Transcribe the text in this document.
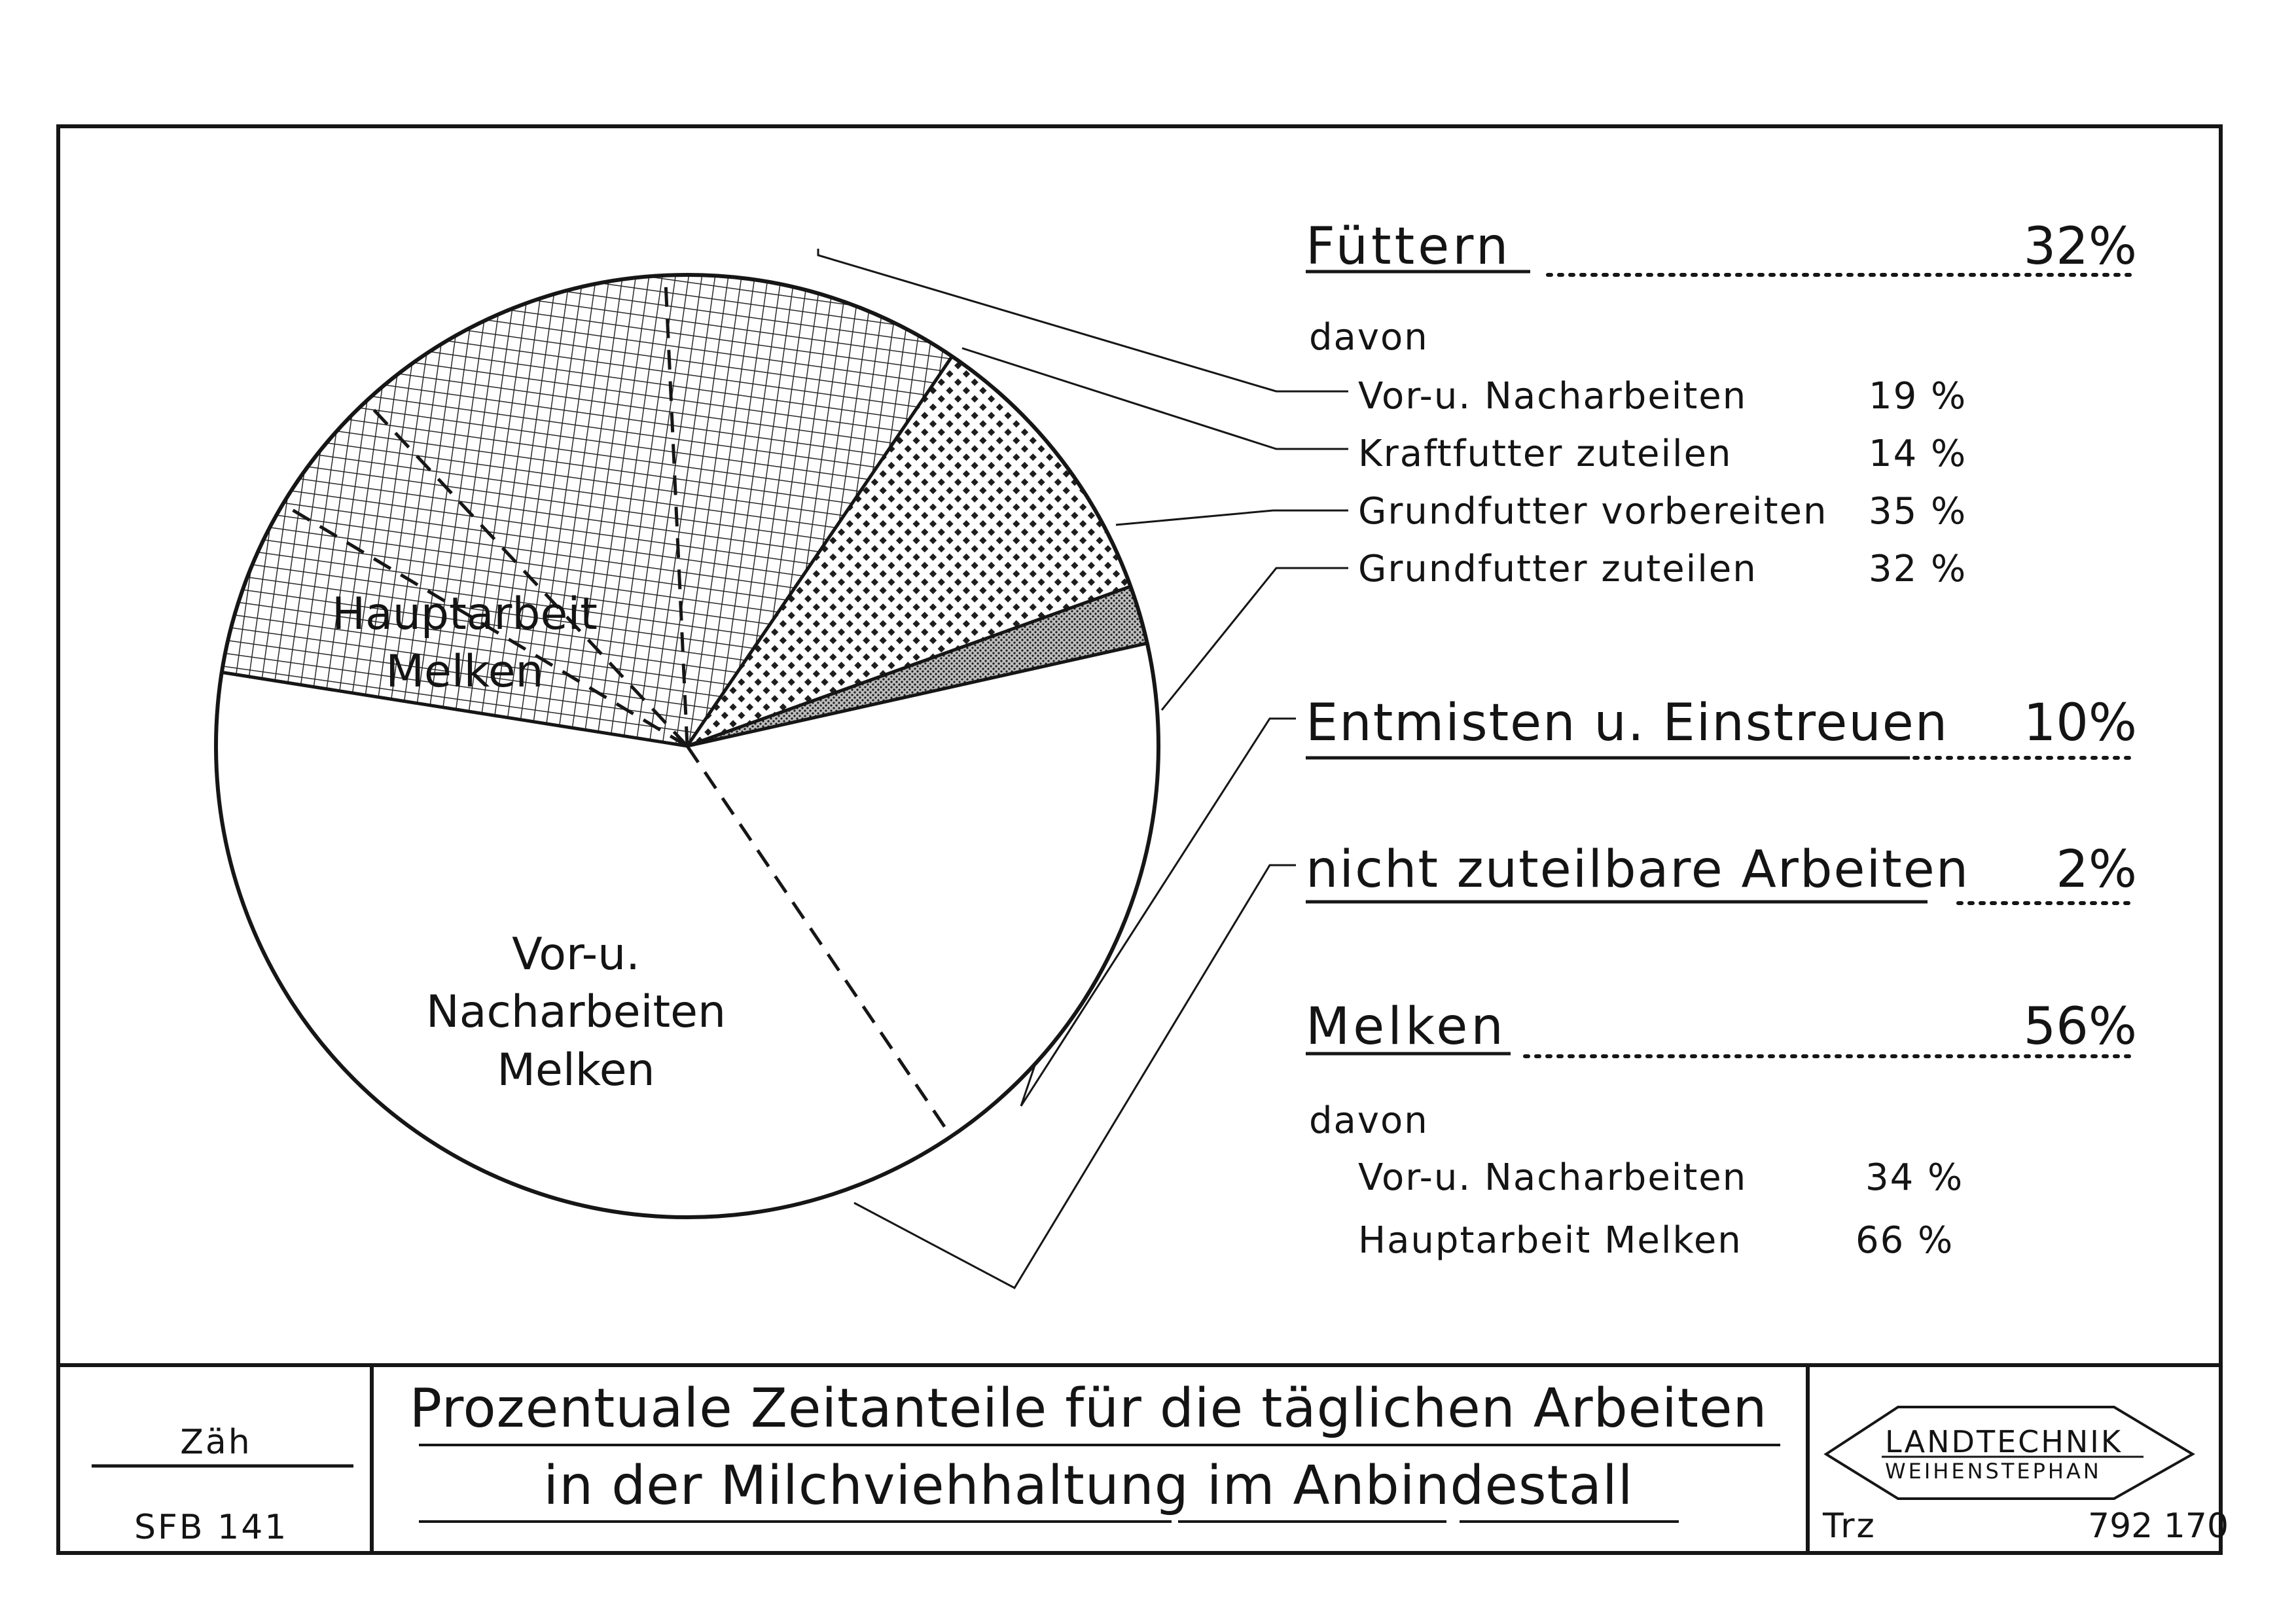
Hauptarbeit
Melken
Vor-u.
Nacharbeiten
Melken
Füttern	32%
davon
Vor-u. Nacharbeiten	19 %
Kraftfutter zuteilen	14 %
Grundfutter vorbereiten 35 %
Grundfutter zuteilen	32 %
Entmisten u. Einstreuen	10%
nicht zuteilbare Arbeiten	2%
Melken	56%
davon
Vor-u. Nacharbeiten	34 %
Hauptarbeit Melken	66 %
Zäh
SFB 141
Prozentuale Zeitanteile für die täglichen Arbeiten
in der Milchviehhaltung im Anbindestall
LANDTECHNIK
WEIHENSTEPHAN
Trz	792 170
